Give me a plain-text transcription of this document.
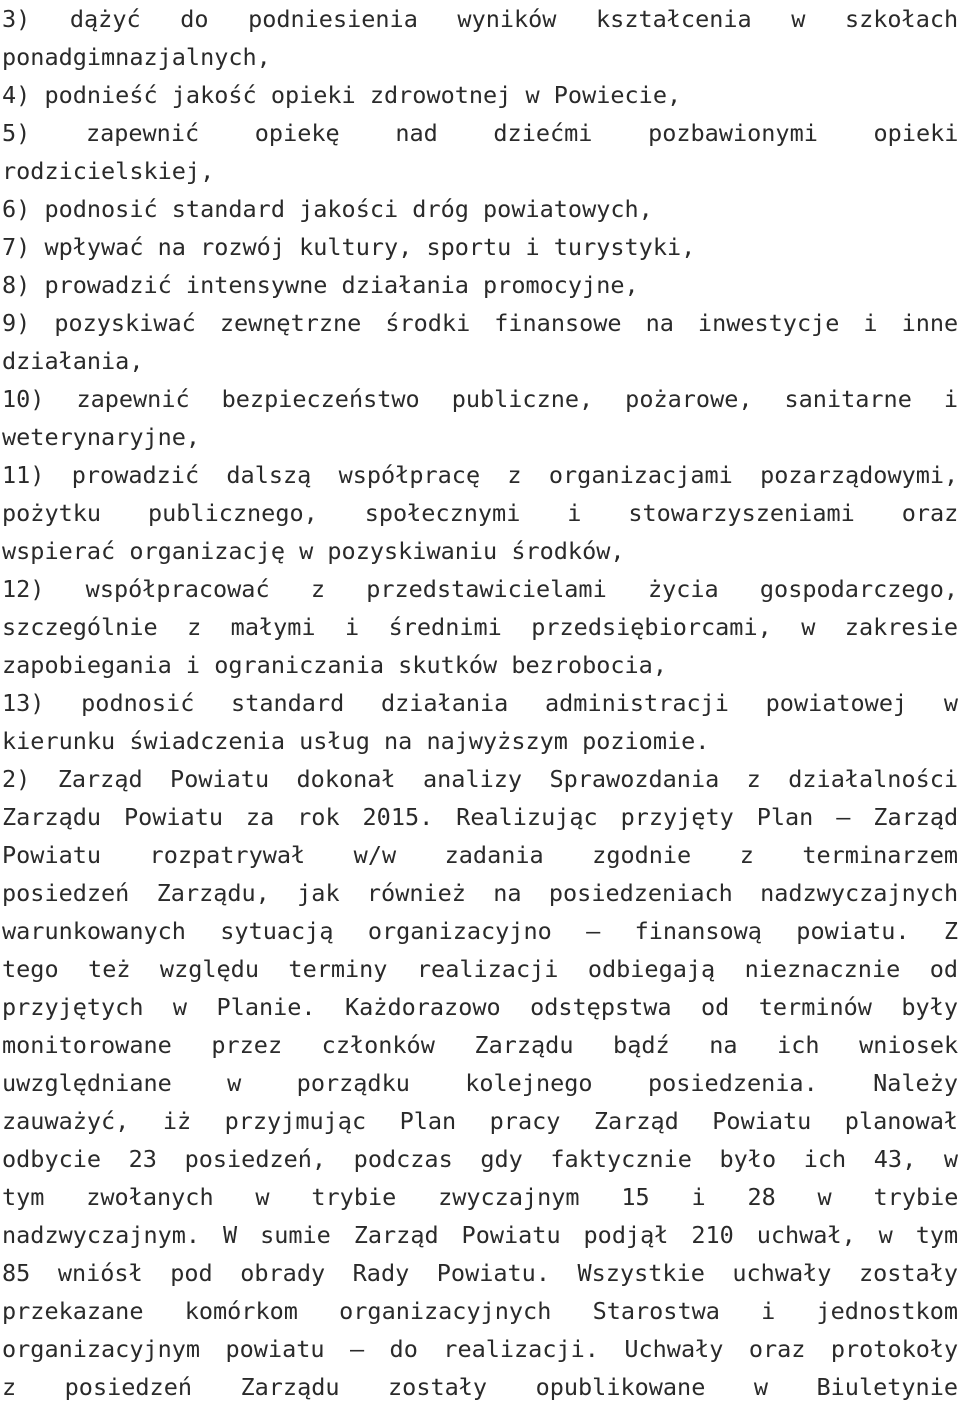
3) dążyć do podniesienia wyników kształcenia w szkołach
ponadgimnazjalnych,
4) podnieść jakość opieki zdrowotnej w Powiecie,
5) zapewnić opiekę nad dziećmi pozbawionymi opieki
rodzicielskiej,
6) podnosić standard jakości dróg powiatowych,
7) wpływać na rozwój kultury, sportu i turystyki,
8) prowadzić intensywne działania promocyjne,
9) pozyskiwać zewnętrzne środki finansowe na inwestycje i inne
działania,
10) zapewnić bezpieczeństwo publiczne, pożarowe, sanitarne i
weterynaryjne,
11) prowadzić dalszą współpracę z organizacjami pozarządowymi,
pożytku publicznego, społecznymi i stowarzyszeniami oraz
wspierać organizację w pozyskiwaniu środków,
12) współpracować z przedstawicielami życia gospodarczego,
szczególnie z małymi i średnimi przedsiębiorcami, w zakresie
zapobiegania i ograniczania skutków bezrobocia,
13) podnosić standard działania administracji powiatowej w
kierunku świadczenia usług na najwyższym poziomie.
2) Zarząd Powiatu dokonał analizy Sprawozdania z działalności
Zarządu Powiatu za rok 2015. Realizując przyjęty Plan – Zarząd
Powiatu rozpatrywał w/w zadania zgodnie z terminarzem
posiedzeń Zarządu, jak również na posiedzeniach nadzwyczajnych
warunkowanych sytuacją organizacyjno – finansową powiatu. Z
tego też względu terminy realizacji odbiegają nieznacznie od
przyjętych w Planie. Każdorazowo odstępstwa od terminów były
monitorowane przez członków Zarządu bądź na ich wniosek
uwzględniane w porządku kolejnego posiedzenia. Należy
zauważyć, iż przyjmując Plan pracy Zarząd Powiatu planował
odbycie 23 posiedzeń, podczas gdy faktycznie było ich 43, w
tym zwołanych w trybie zwyczajnym 15 i 28 w trybie
nadzwyczajnym. W sumie Zarząd Powiatu podjął 210 uchwał, w tym
85 wniósł pod obrady Rady Powiatu. Wszystkie uchwały zostały
przekazane komórkom organizacyjnych Starostwa i jednostkom
organizacyjnym powiatu – do realizacji. Uchwały oraz protokoły
z posiedzeń Zarządu zostały opublikowane w Biuletynie
